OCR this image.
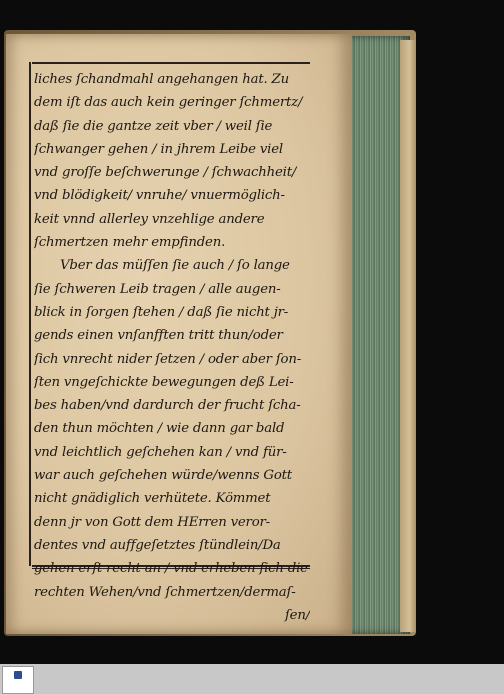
liches ſchandmahl angehangen hat. Zu
dem iſt das auch kein geringer ſchmertz/
daß ſie die gantze zeit vber / weil ſie
ſchwanger gehen / in jhrem Leibe viel
vnd groſſe beſchwerunge / ſchwachheit/
vnd blödigkeit/ vnruhe/ vnuermöglich-
keit vnnd allerley vnzehlige andere
ſchmertzen mehr empfinden.
Vber das müſſen ſie auch / ſo lange
ſie ſchweren Leib tragen / alle augen-
blick in ſorgen ſtehen / daß ſie nicht jr-
gends einen vnſanfften tritt thun/oder
ſich vnrecht nider ſetzen / oder aber ſon-
ſten vngeſchickte bewegungen deß Lei-
bes haben/vnd dardurch der frucht ſcha-
den thun möchten / wie dann gar bald
vnd leichtlich geſchehen kan / vnd für-
war auch geſchehen würde/wenns Gott
nicht gnädiglich verhütete. Kömmet
denn jr von Gott dem HErren veror-
dentes vnd auffgeſetztes ſtündlein/Da
gehen erſt recht an / vnd erheben ſich die
rechten Wehen/vnd ſchmertzen/dermaſ-
ſen/
